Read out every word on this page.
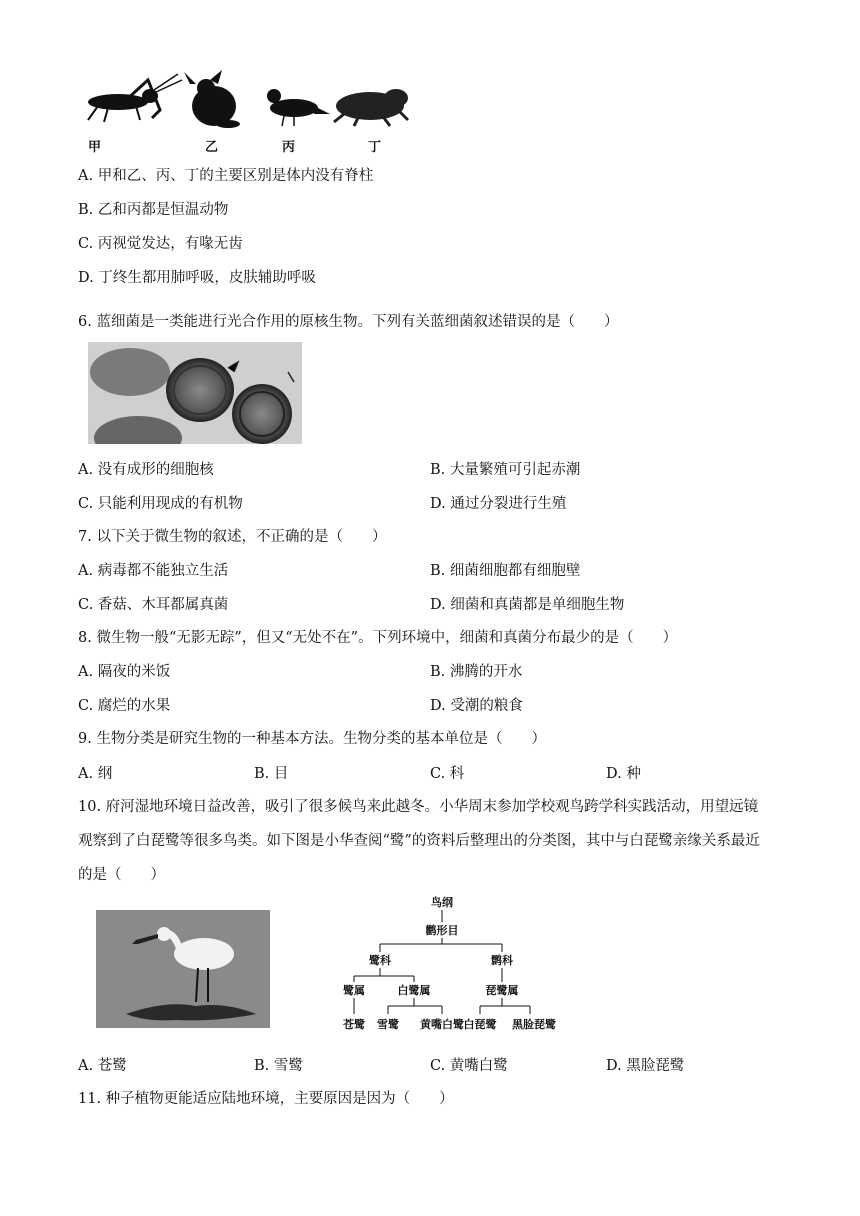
甲	乙	丙	丁
A. 甲和乙、丙、丁的主要区别是体内没有脊柱
B. 乙和丙都是恒温动物
C. 丙视觉发达，有喙无齿
D. 丁终生都用肺呼吸，皮肤辅助呼吸
6. 蓝细菌是一类能进行光合作用的原核生物。下列有关蓝细菌叙述错误的是（　　）
A. 没有成形的细胞核	B. 大量繁殖可引起赤潮
C. 只能利用现成的有机物	D. 通过分裂进行生殖
7. 以下关于微生物的叙述，不正确的是（　　）
A. 病毒都不能独立生活	B. 细菌细胞都有细胞壁
C. 香菇、木耳都属真菌	D. 细菌和真菌都是单细胞生物
8. 微生物一般“无影无踪”，但又“无处不在”。下列环境中，细菌和真菌分布最少的是（　　）
A. 隔夜的米饭	B. 沸腾的开水
C. 腐烂的水果	D. 受潮的粮食
9. 生物分类是研究生物的一种基本方法。生物分类的基本单位是（　　）
A. 纲	B. 目	C. 科	D. 种
10. 府河湿地环境日益改善，吸引了很多候鸟来此越冬。小华周末参加学校观鸟跨学科实践活动，用望远镜
观察到了白琵鹭等很多鸟类。如下图是小华查阅“鹭”的资料后整理出的分类图，其中与白琵鹭亲缘关系最近
的是（　　）
鸟纲
鹳形目
鹭科	鹮科
鹭属	白鹭属	琵鹭属
苍鹭 雪鹭 黄嘴白鹭 白琵鹭 黑脸琵鹭
A. 苍鹭	B. 雪鹭	C. 黄嘴白鹭	D. 黑脸琵鹭
11. 种子植物更能适应陆地环境，主要原因是因为（　　）
